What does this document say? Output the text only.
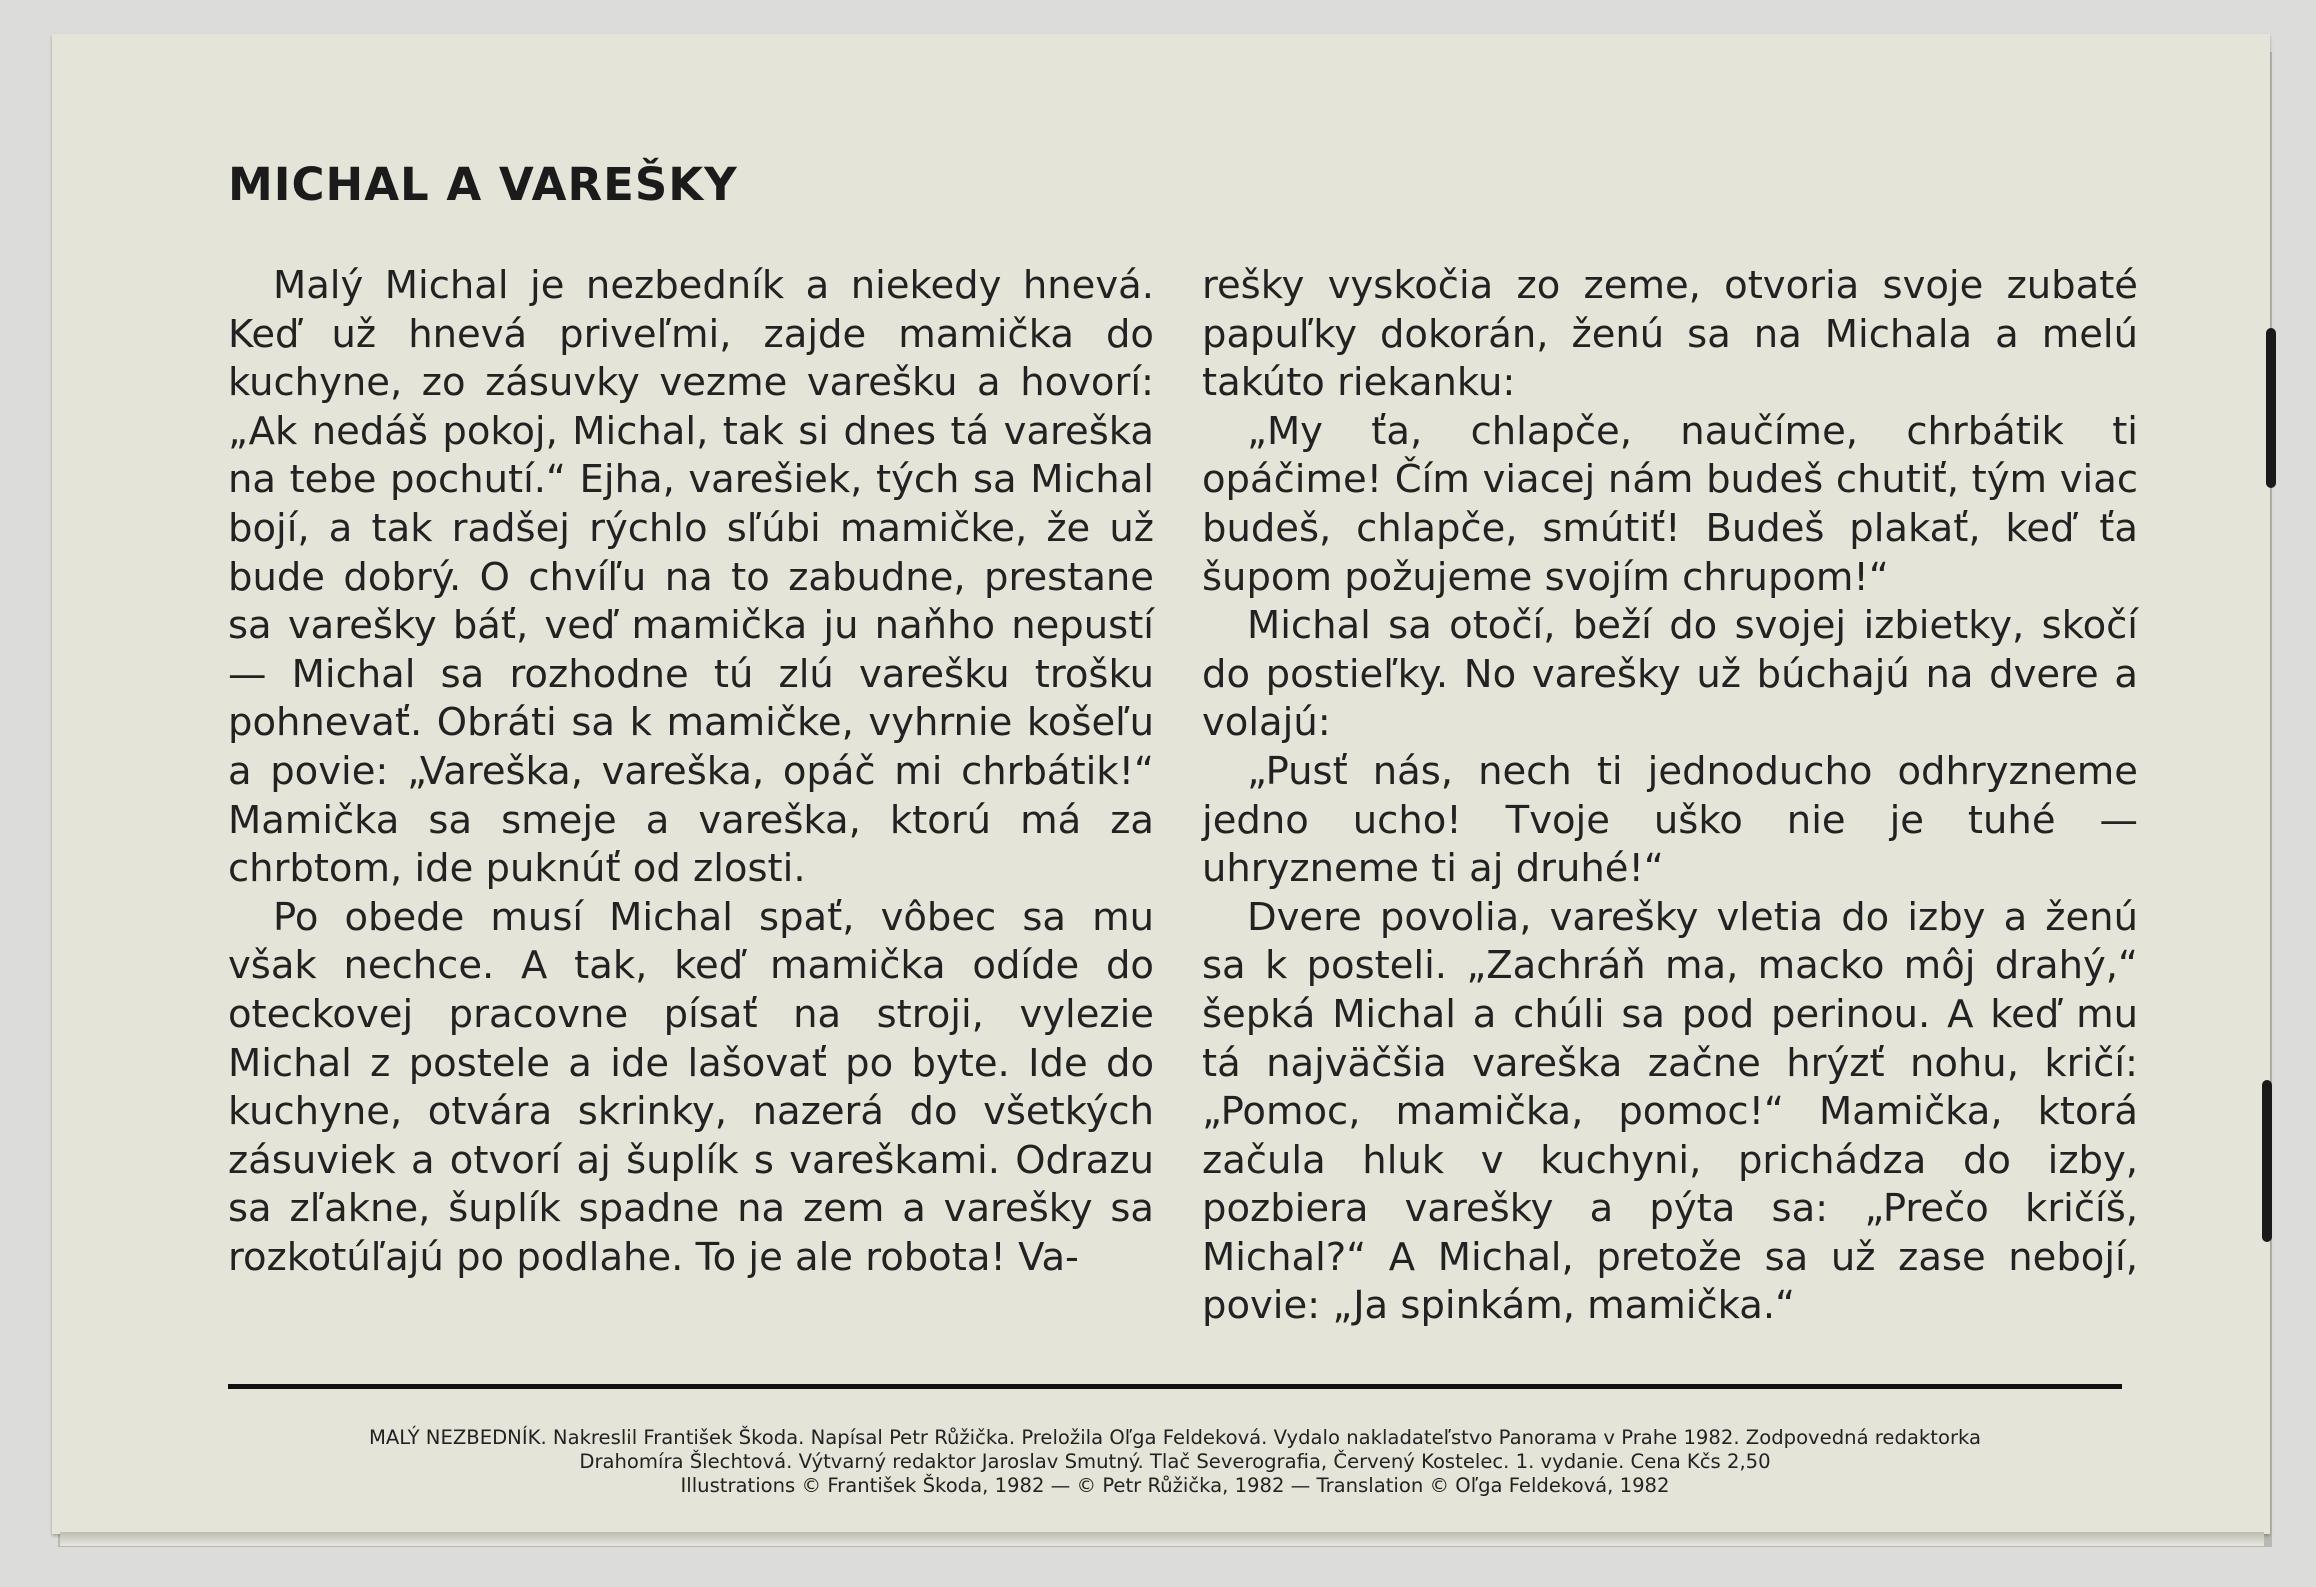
MICHAL A VAREŠKY

Malý Michal je nezbedník a niekedy hnevá. Keď už hnevá priveľmi, zajde mamička do kuchyne, zo zásuvky vezme varešku a hovorí: „Ak nedáš pokoj, Michal, tak si dnes tá vareška na tebe pochutí.“ Ejha, varešiek, tých sa Michal bojí, a tak radšej rýchlo sľúbi mamičke, že už bude dobrý. O chvíľu na to zabudne, prestane sa varešky báť, veď mamička ju naňho nepustí — Michal sa rozhodne tú zlú varešku trošku pohnevať. Obráti sa k mamičke, vyhrnie košeľu a povie: „Vareška, vareška, opáč mi chrbátik!“ Mamička sa smeje a vareška, ktorú má za chrbtom, ide puknúť od zlosti.

Po obede musí Michal spať, vôbec sa mu však nechce. A tak, keď mamička odíde do oteckovej pracovne písať na stroji, vylezie Michal z postele a ide lašovať po byte. Ide do kuchyne, otvára skrinky, nazerá do všetkých zásuviek a otvorí aj šuplík s vareškami. Odrazu sa zľakne, šuplík spadne na zem a varešky sa rozkotúľajú po podlahe. To je ale robota! Va-

rešky vyskočia zo zeme, otvoria svoje zubaté papuľky dokorán, ženú sa na Michala a melú takúto riekanku:

„My ťa, chlapče, naučíme, chrbátik ti opáčime! Čím viacej nám budeš chutiť, tým viac budeš, chlapče, smútiť! Budeš plakať, keď ťa šupom požujeme svojím chrupom!“

Michal sa otočí, beží do svojej izbietky, skočí do postieľky. No varešky už búchajú na dvere a volajú:

„Pusť nás, nech ti jednoducho odhryzneme jedno ucho! Tvoje uško nie je tuhé — uhryzneme ti aj druhé!“

Dvere povolia, varešky vletia do izby a ženú sa k posteli. „Zachráň ma, macko môj drahý,“ šepká Michal a chúli sa pod perinou. A keď mu tá najväčšia vareška začne hrýzť nohu, kričí: „Pomoc, mamička, pomoc!“ Mamička, ktorá začula hluk v kuchyni, prichádza do izby, pozbiera varešky a pýta sa: „Prečo kričíš, Michal?“ A Michal, pretože sa už zase nebojí, povie: „Ja spinkám, mamička.“

MALÝ NEZBEDNÍK. Nakreslil František Škoda. Napísal Petr Růžička. Preložila Oľga Feldeková. Vydalo nakladateľstvo Panorama v Prahe 1982. Zodpovedná redaktorka
Drahomíra Šlechtová. Výtvarný redaktor Jaroslav Smutný. Tlač Severografia, Červený Kostelec. 1. vydanie. Cena Kčs 2,50
Illustrations © František Škoda, 1982 — © Petr Růžička, 1982 — Translation © Oľga Feldeková, 1982
